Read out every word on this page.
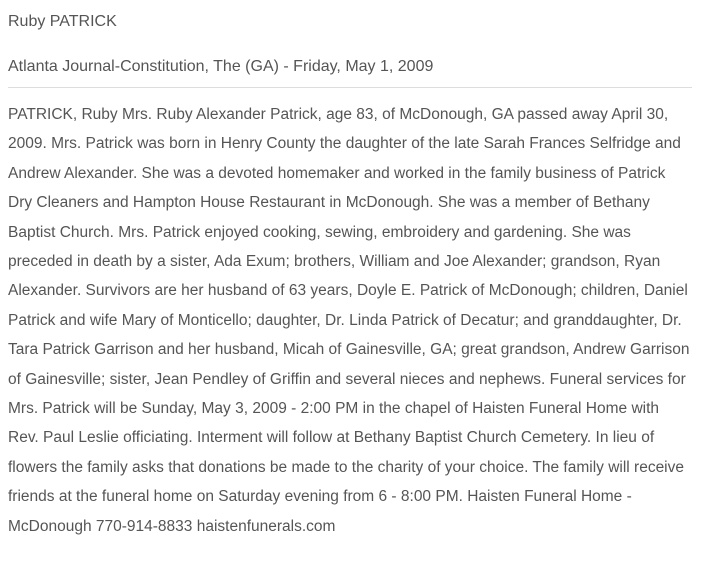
Ruby PATRICK
Atlanta Journal-Constitution, The (GA) - Friday, May 1, 2009

PATRICK, Ruby Mrs. Ruby Alexander Patrick, age 83, of McDonough, GA passed away April 30, 2009. Mrs. Patrick was born in Henry County the daughter of the late Sarah Frances Selfridge and Andrew Alexander. She was a devoted homemaker and worked in the family business of Patrick Dry Cleaners and Hampton House Restaurant in McDonough. She was a member of Bethany Baptist Church. Mrs. Patrick enjoyed cooking, sewing, embroidery and gardening. She was preceded in death by a sister, Ada Exum; brothers, William and Joe Alexander; grandson, Ryan Alexander. Survivors are her husband of 63 years, Doyle E. Patrick of McDonough; children, Daniel Patrick and wife Mary of Monticello; daughter, Dr. Linda Patrick of Decatur; and granddaughter, Dr. Tara Patrick Garrison and her husband, Micah of Gainesville, GA; great grandson, Andrew Garrison of Gainesville; sister, Jean Pendley of Griffin and several nieces and nephews. Funeral services for Mrs. Patrick will be Sunday, May 3, 2009 - 2:00 PM in the chapel of Haisten Funeral Home with Rev. Paul Leslie officiating. Interment will follow at Bethany Baptist Church Cemetery. In lieu of flowers the family asks that donations be made to the charity of your choice. The family will receive friends at the funeral home on Saturday evening from 6 - 8:00 PM. Haisten Funeral Home - McDonough 770-914-8833 haistenfunerals.com
